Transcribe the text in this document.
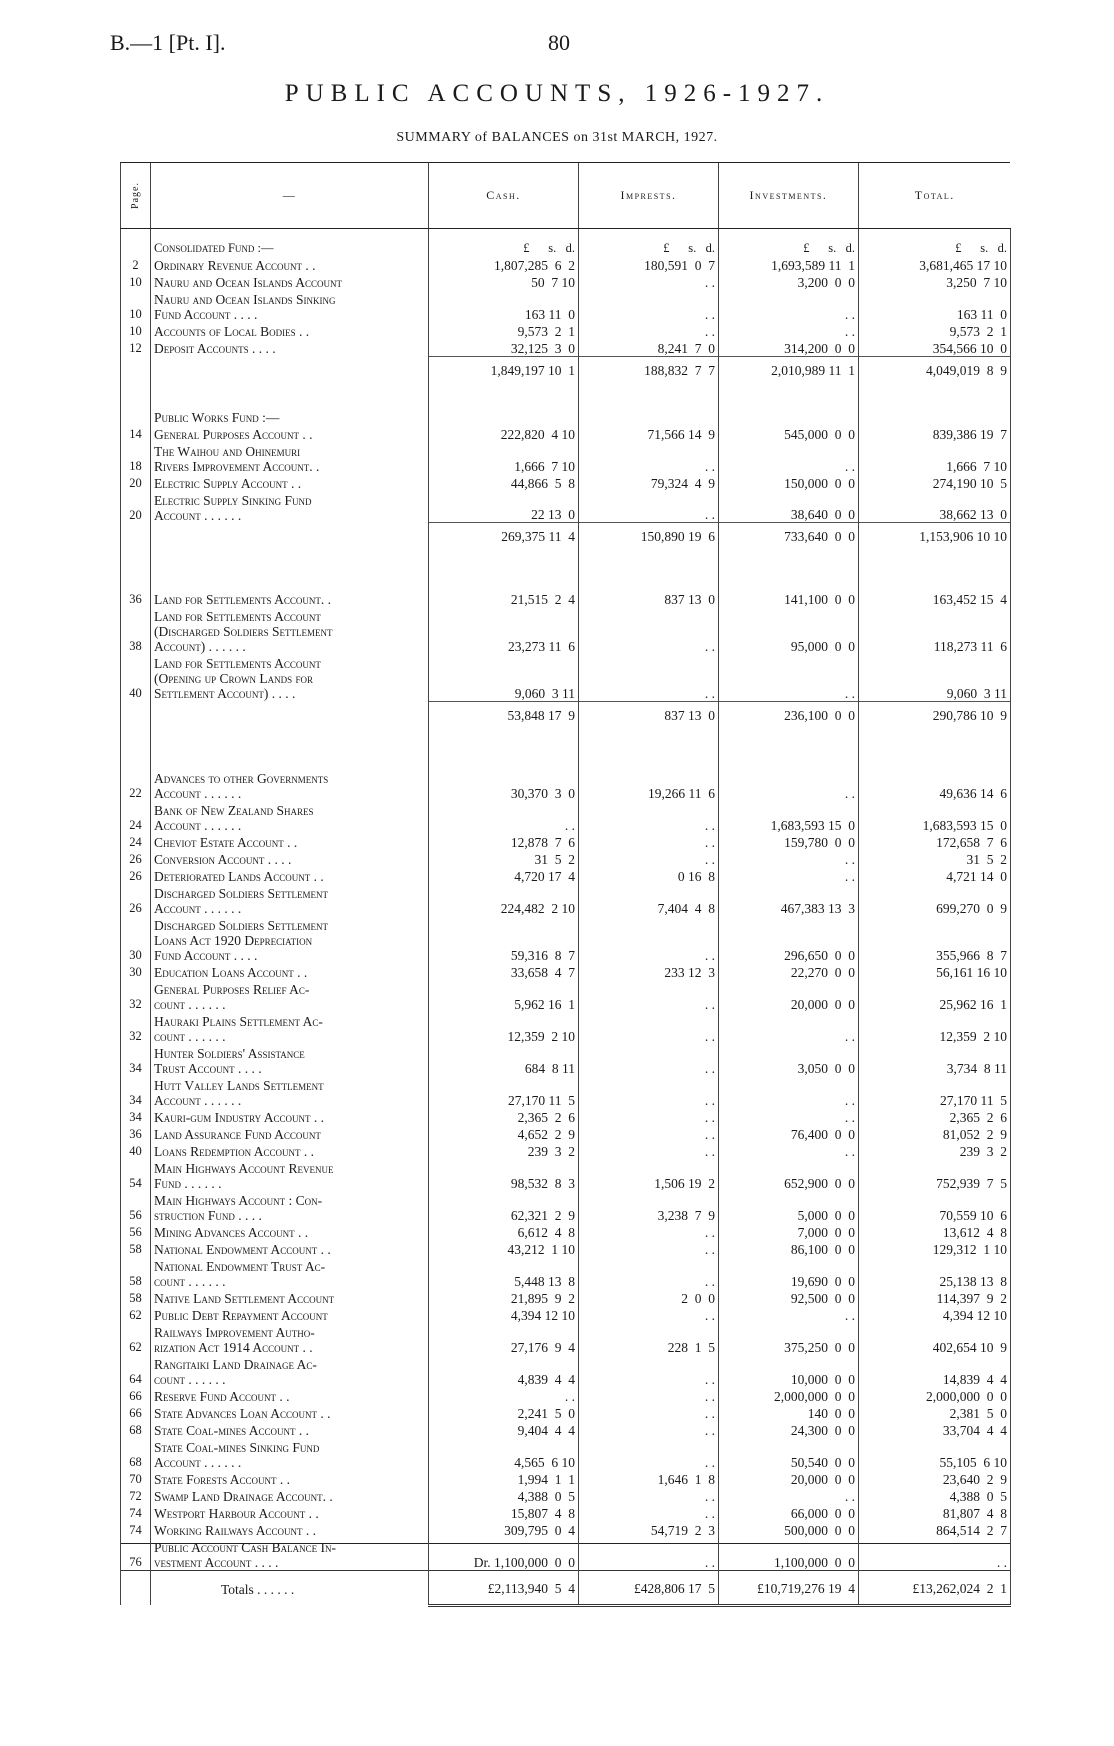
B.—1 [Pt. I].	80
PUBLIC ACCOUNTS, 1926-1927.
SUMMARY of BALANCES on 31st MARCH, 1927.
Page.	—	Cash.	Imprests.	Investments.	Total.
	Consolidated Fund :—	£      s.   d.	£      s.   d.	£      s.   d.	£      s.   d.
2	Ordinary Revenue Account . .	1,807,285  6  2	180,591  0  7	1,693,589 11  1	3,681,465 17 10
10	Nauru and Ocean Islands Account	50  7 10	. .	3,200  0  0	3,250  7 10
10	Nauru and Ocean Islands Sinking
Fund Account . . . .	163 11  0	. .	. .	163 11  0
10	Accounts of Local Bodies . .	9,573  2  1	. .	. .	9,573  2  1
12	Deposit Accounts . . . .	32,125  3  0	8,241  7  0	314,200  0  0	354,566 10  0
		1,849,197 10  1	188,832  7  7	2,010,989 11  1	4,049,019  8  9
	Public Works Fund :—				
14	General Purposes Account . .	222,820  4 10	71,566 14  9	545,000  0  0	839,386 19  7
18	The Waihou and Ohinemuri
Rivers Improvement Account. .	1,666  7 10	. .	. .	1,666  7 10
20	Electric Supply Account . .	44,866  5  8	79,324  4  9	150,000  0  0	274,190 10  5
20	Electric Supply Sinking Fund
Account . . . . . .	22 13  0	. .	38,640  0  0	38,662 13  0
		269,375 11  4	150,890 19  6	733,640  0  0	1,153,906 10 10

36	Land for Settlements Account. .	21,515  2  4	837 13  0	141,100  0  0	163,452 15  4
38	Land for Settlements Account
(Discharged Soldiers Settlement
Account) . . . . . .	23,273 11  6	. .	95,000  0  0	118,273 11  6
40	Land for Settlements Account
(Opening up Crown Lands for
Settlement Account) . . . .	9,060  3 11	. .	. .	9,060  3 11
		53,848 17  9	837 13  0	236,100  0  0	290,786 10  9

22	Advances to other Governments
Account . . . . . .	30,370  3  0	19,266 11  6	. .	49,636 14  6
24	Bank of New Zealand Shares
Account . . . . . .	. .	. .	1,683,593 15  0	1,683,593 15  0
24	Cheviot Estate Account . .	12,878  7  6	. .	159,780  0  0	172,658  7  6
26	Conversion Account . . . .	31  5  2	. .	. .	31  5  2
26	Deteriorated Lands Account . .	4,720 17  4	0 16  8	. .	4,721 14  0
26	Discharged Soldiers Settlement
Account . . . . . .	224,482  2 10	7,404  4  8	467,383 13  3	699,270  0  9
30	Discharged Soldiers Settlement
Loans Act 1920 Depreciation
Fund Account . . . .	59,316  8  7	. .	296,650  0  0	355,966  8  7
30	Education Loans Account . .	33,658  4  7	233 12  3	22,270  0  0	56,161 16 10
32	General Purposes Relief Ac-
count . . . . . .	5,962 16  1	. .	20,000  0  0	25,962 16  1
32	Hauraki Plains Settlement Ac-
count . . . . . .	12,359  2 10	. .	. .	12,359  2 10
34	Hunter Soldiers' Assistance
Trust Account . . . .	684  8 11	. .	3,050  0  0	3,734  8 11
34	Hutt Valley Lands Settlement
Account . . . . . .	27,170 11  5	. .	. .	27,170 11  5
34	Kauri-gum Industry Account . .	2,365  2  6	. .	. .	2,365  2  6
36	Land Assurance Fund Account	4,652  2  9	. .	76,400  0  0	81,052  2  9
40	Loans Redemption Account . .	239  3  2	. .	. .	239  3  2
54	Main Highways Account Revenue
Fund . . . . . .	98,532  8  3	1,506 19  2	652,900  0  0	752,939  7  5
56	Main Highways Account : Con-
struction Fund . . . .	62,321  2  9	3,238  7  9	5,000  0  0	70,559 10  6
56	Mining Advances Account . .	6,612  4  8	. .	7,000  0  0	13,612  4  8
58	National Endowment Account . .	43,212  1 10	. .	86,100  0  0	129,312  1 10
58	National Endowment Trust Ac-
count . . . . . .	5,448 13  8	. .	19,690  0  0	25,138 13  8
58	Native Land Settlement Account	21,895  9  2	2  0  0	92,500  0  0	114,397  9  2
62	Public Debt Repayment Account	4,394 12 10	. .	. .	4,394 12 10
62	Railways Improvement Autho-
rization Act 1914 Account . .	27,176  9  4	228  1  5	375,250  0  0	402,654 10  9
64	Rangitaiki Land Drainage Ac-
count . . . . . .	4,839  4  4	. .	10,000  0  0	14,839  4  4
66	Reserve Fund Account . .	. .	. .	2,000,000  0  0	2,000,000  0  0
66	State Advances Loan Account . .	2,241  5  0	. .	140  0  0	2,381  5  0
68	State Coal-mines Account . .	9,404  4  4	. .	24,300  0  0	33,704  4  4
68	State Coal-mines Sinking Fund
Account . . . . . .	4,565  6 10	. .	50,540  0  0	55,105  6 10
70	State Forests Account . .	1,994  1  1	1,646  1  8	20,000  0  0	23,640  2  9
72	Swamp Land Drainage Account. .	4,388  0  5	. .	. .	4,388  0  5
74	Westport Harbour Account . .	15,807  4  8	. .	66,000  0  0	81,807  4  8
74	Working Railways Account . .	309,795  0  4	54,719  2  3	500,000  0  0	864,514  2  7
76	Public Account Cash Balance In-
vestment Account . . . .	Dr. 1,100,000  0  0	. .	1,100,000  0  0	. .
	Totals . . . . . .	£2,113,940  5  4	£428,806 17  5	£10,719,276 19  4	£13,262,024  2  1
